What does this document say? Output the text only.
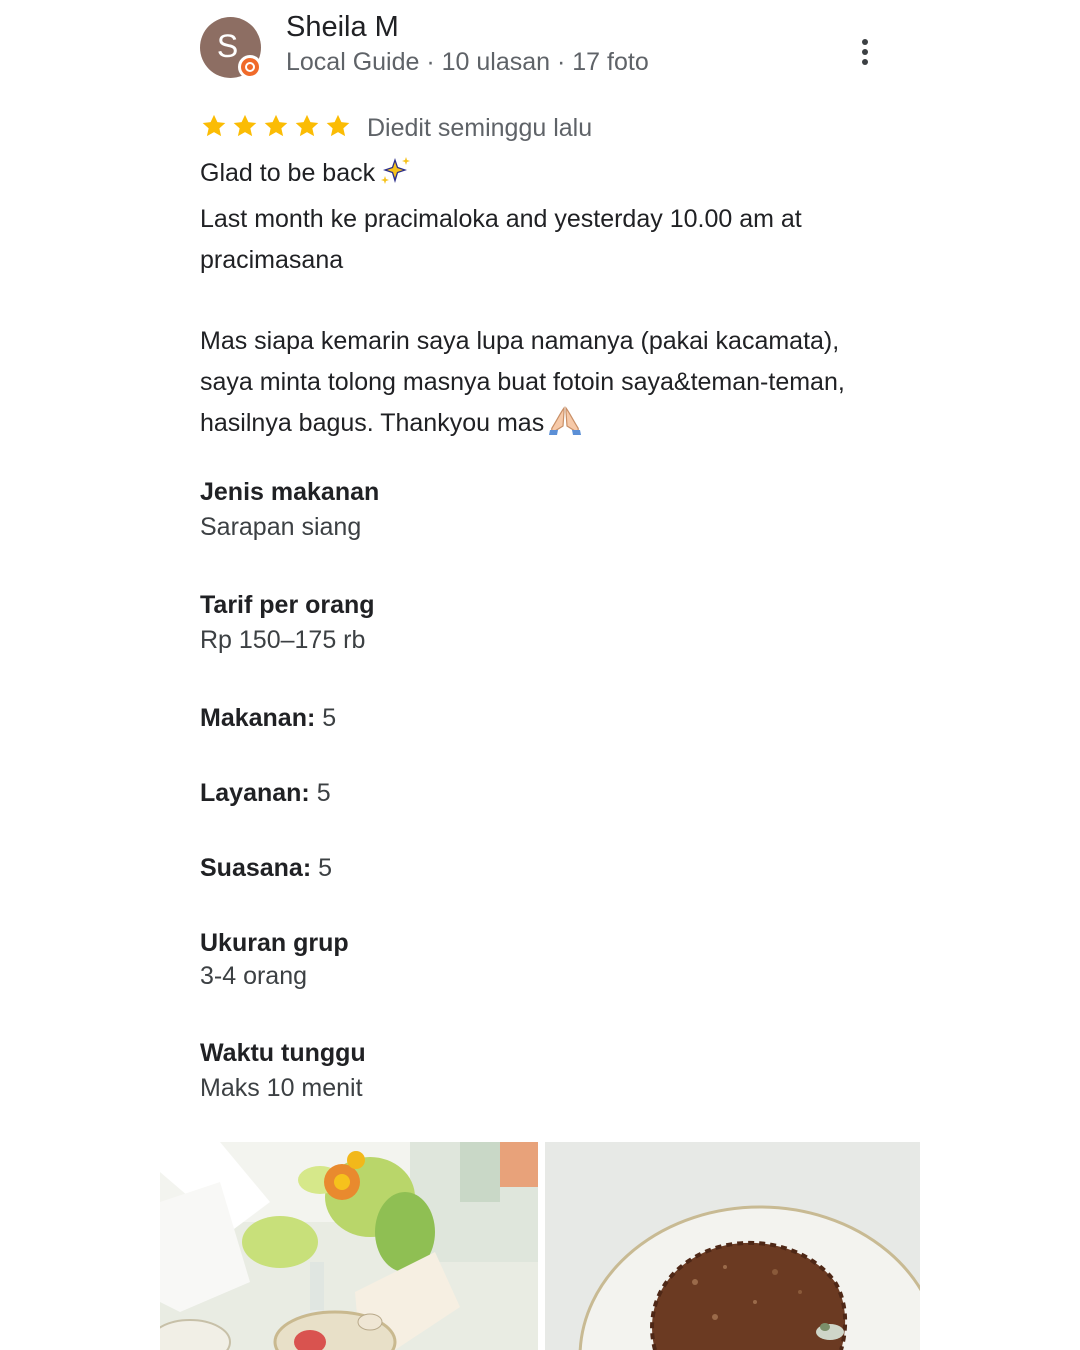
S
Sheila M
Local Guide · 10 ulasan · 17 foto
Diedit seminggu lalu

Glad to be back

Last month ke pracimaloka and yesterday 10.00 am at pracimasana

Mas siapa kemarin saya lupa namanya (pakai kacamata), saya minta tolong masnya buat fotoin saya&teman-teman, hasilnya bagus. Thankyou mas

Jenis makanan
Sarapan siang
Tarif per orang
Rp 150–175 rb
Makanan: 5
Layanan: 5
Suasana: 5
Ukuran grup
3-4 orang
Waktu tunggu
Maks 10 menit
